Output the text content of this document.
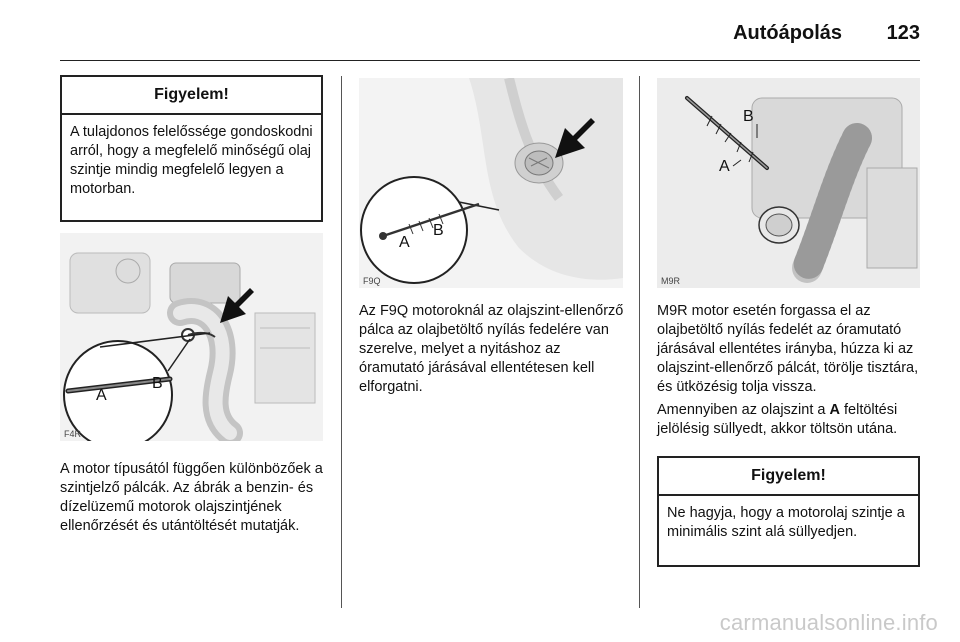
Autóápolás 123
Figyelem!
A tulajdonos felelőssége gondoskodni arról, hogy a megfelelő minőségű olaj szintje mindig megfelelő legyen a motorban.
A
B
F4R

A motor típusától függően különbözőek a szintjelző pálcák. Az ábrák a benzin- és dízelüzemű motorok olajszintjének ellenőrzését és utántöltését mutatják.

A
B
F9Q

Az F9Q motoroknál az olajszint-ellenőrző pálca az olajbetöltő nyílás fedelére van szerelve, melyet a nyitáshoz az óramutató járásával ellentétesen kell elforgatni.

A
B
M9R

M9R motor esetén forgassa el az olajbetöltő nyílás fedelét az óramutató járásával ellentétes irányba, húzza ki az olajszint-ellenőrző pálcát, törölje tisztára, és ütközésig tolja vissza.

Amennyiben az olajszint a A feltöltési jelölésig süllyedt, akkor töltsön utána.

Figyelem!
Ne hagyja, hogy a motorolaj szintje a minimális szint alá süllyedjen.
carmanualsonline.info
